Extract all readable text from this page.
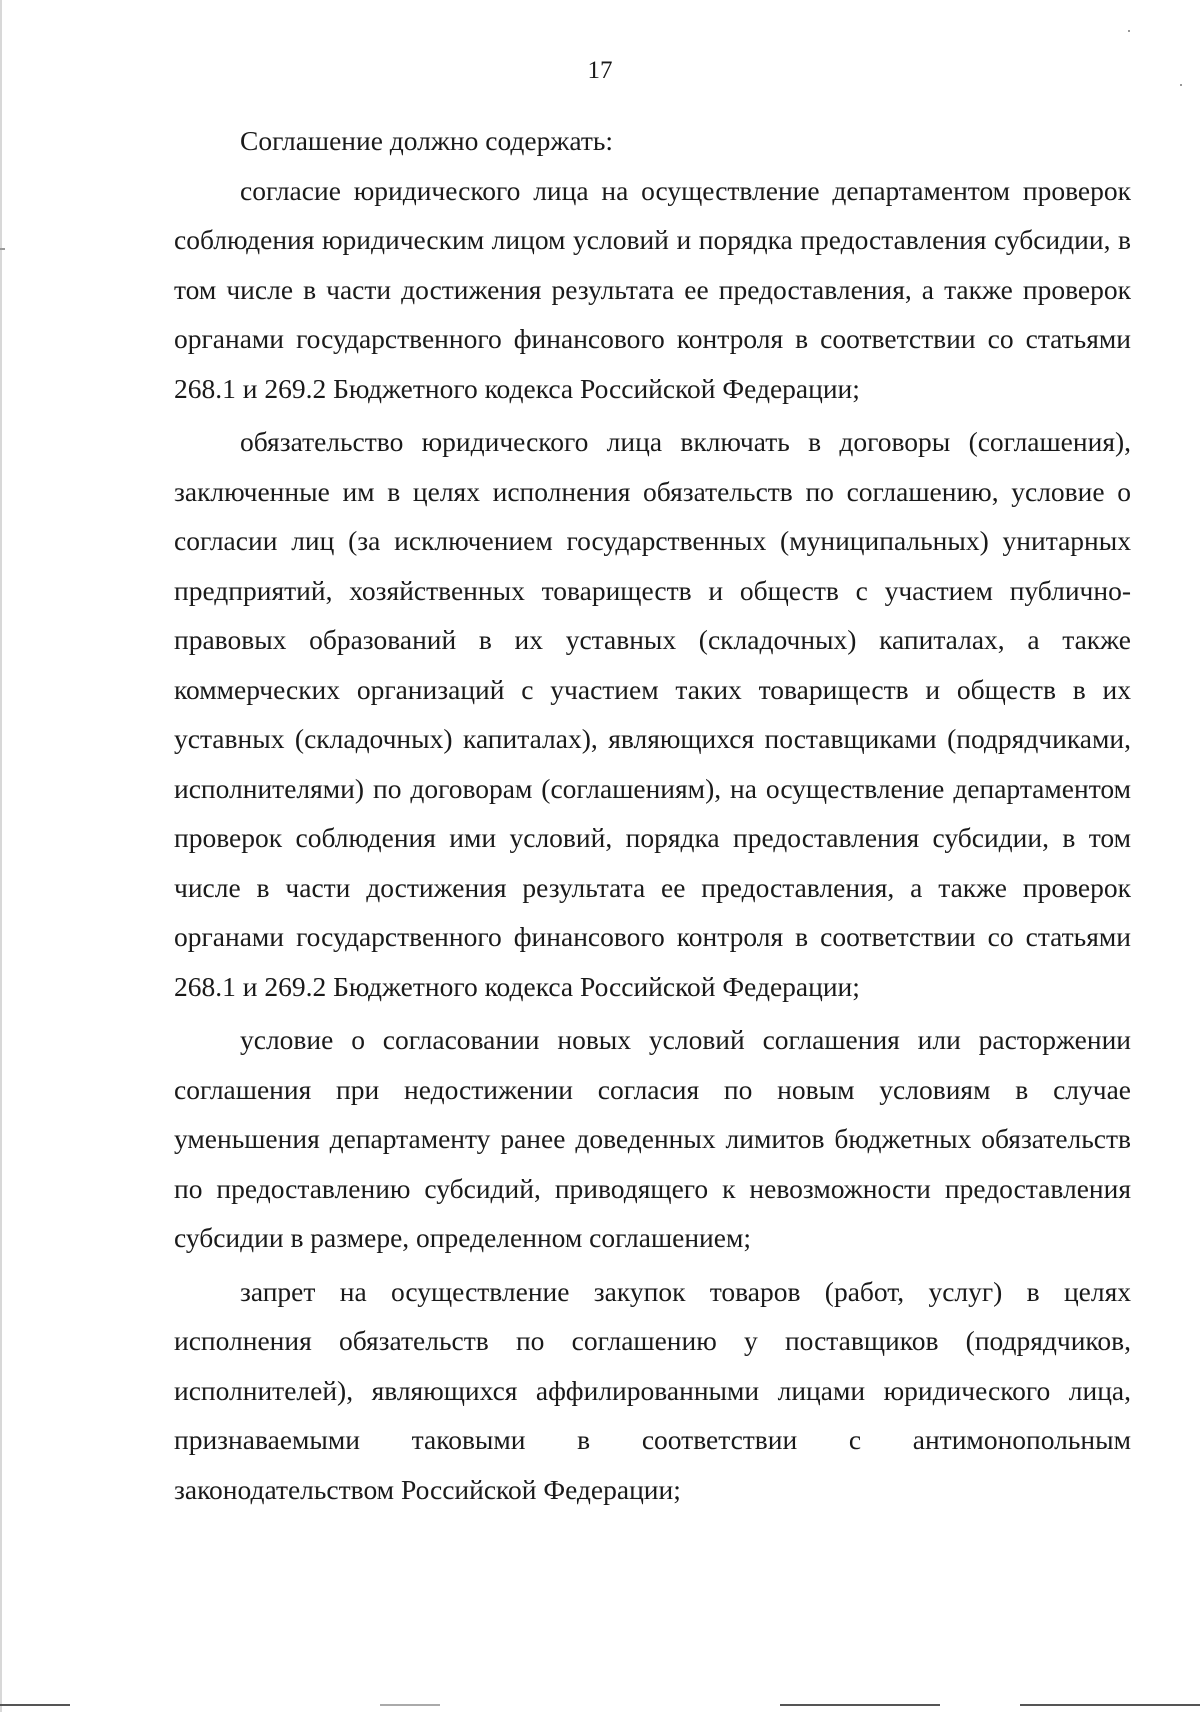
17

Соглашение должно содержать:

согласие юридического лица на осуществление департаментом проверок соблюдения юридическим лицом условий и порядка предоставления субсидии, в том числе в части достижения результата ее предоставления, а также проверок органами государственного финансового контроля в соответствии со статьями 268.1 и 269.2 Бюджетного кодекса Российской Федерации;

обязательство юридического лица включать в договоры (соглашения), заключенные им в целях исполнения обязательств по соглашению, условие о согласии лиц (за исключением государственных (муниципальных) унитарных предприятий, хозяйственных товариществ и обществ с участием публично-правовых образований в их уставных (складочных) капиталах, а также коммерческих организаций с участием таких товариществ и обществ в их уставных (складочных) капиталах), являющихся поставщиками (подрядчиками, исполнителями) по договорам (соглашениям), на осуществление департаментом проверок соблюдения ими условий, порядка предоставления субсидии, в том числе в части достижения результата ее предоставления, а также проверок органами государственного финансового контроля в соответствии со статьями 268.1 и 269.2 Бюджетного кодекса Российской Федерации;

условие о согласовании новых условий соглашения или расторжении соглашения при недостижении согласия по новым условиям в случае уменьшения департаменту ранее доведенных лимитов бюджетных обязательств по предоставлению субсидий, приводящего к невозможности предоставления субсидии в размере, определенном соглашением;

запрет на осуществление закупок товаров (работ, услуг) в целях исполнения обязательств по соглашению у поставщиков (подрядчиков, исполнителей), являющихся аффилированными лицами юридического лица, признаваемыми таковыми в соответствии с антимонопольным законодательством Российской Федерации;
